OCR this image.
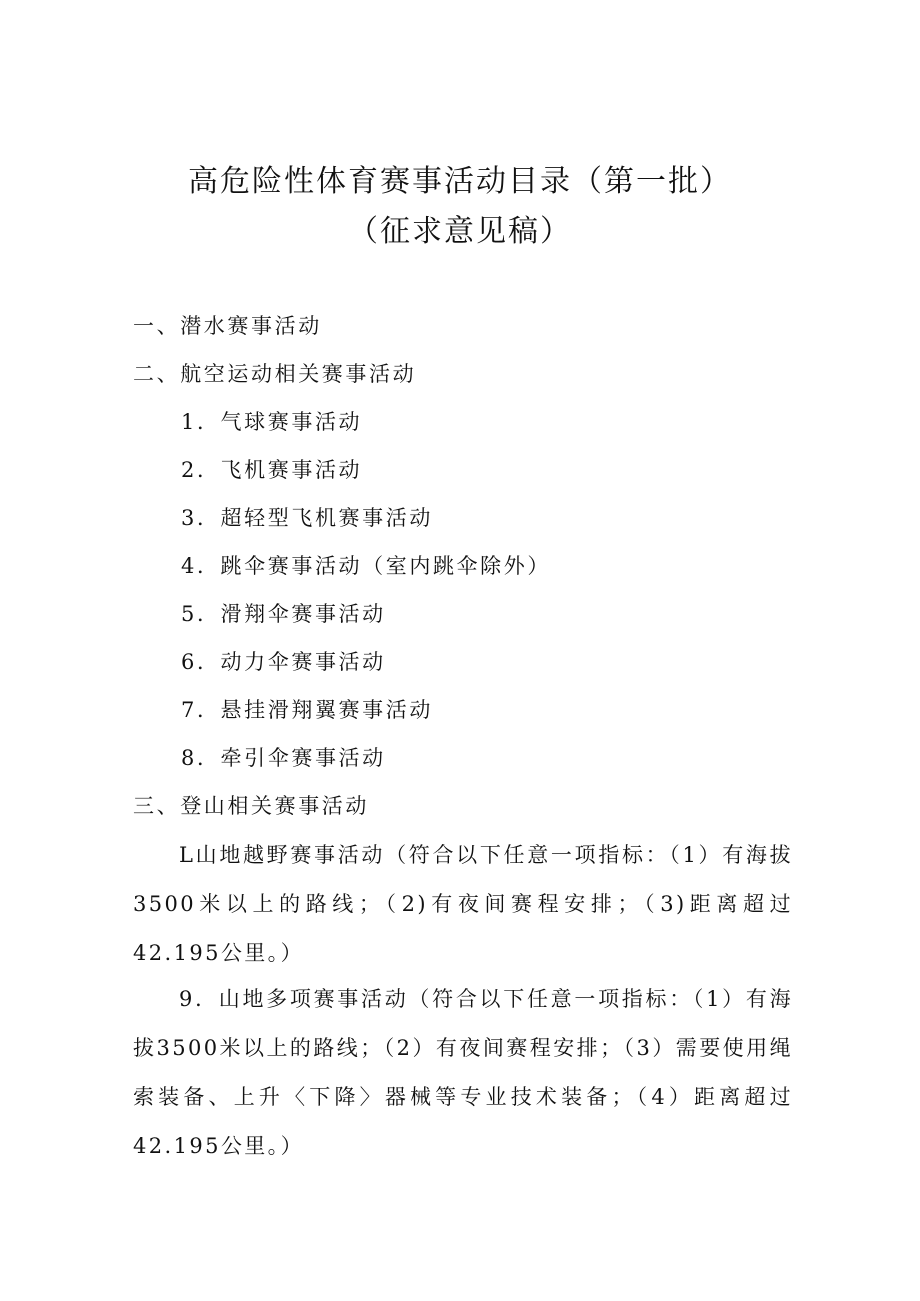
高危险性体育赛事活动目录（第一批）
（征求意见稿）

一、潜水赛事活动

二、航空运动相关赛事活动

1．气球赛事活动

2．飞机赛事活动

3．超轻型飞机赛事活动

4．跳伞赛事活动（室内跳伞除外）

5．滑翔伞赛事活动

6．动力伞赛事活动

7．悬挂滑翔翼赛事活动

8．牵引伞赛事活动

三、登山相关赛事活动

L山地越野赛事活动（符合以下任意一项指标：（1）有海拔3500米以上的路线；（2)有夜间赛程安排；（3)距离超过42.195公里。）

9．山地多项赛事活动（符合以下任意一项指标：（1）有海拔3500米以上的路线；（2）有夜间赛程安排；（3）需要使用绳索装备、上升〈下降〉器械等专业技术装备；（4）距离超过42.195公里。）
